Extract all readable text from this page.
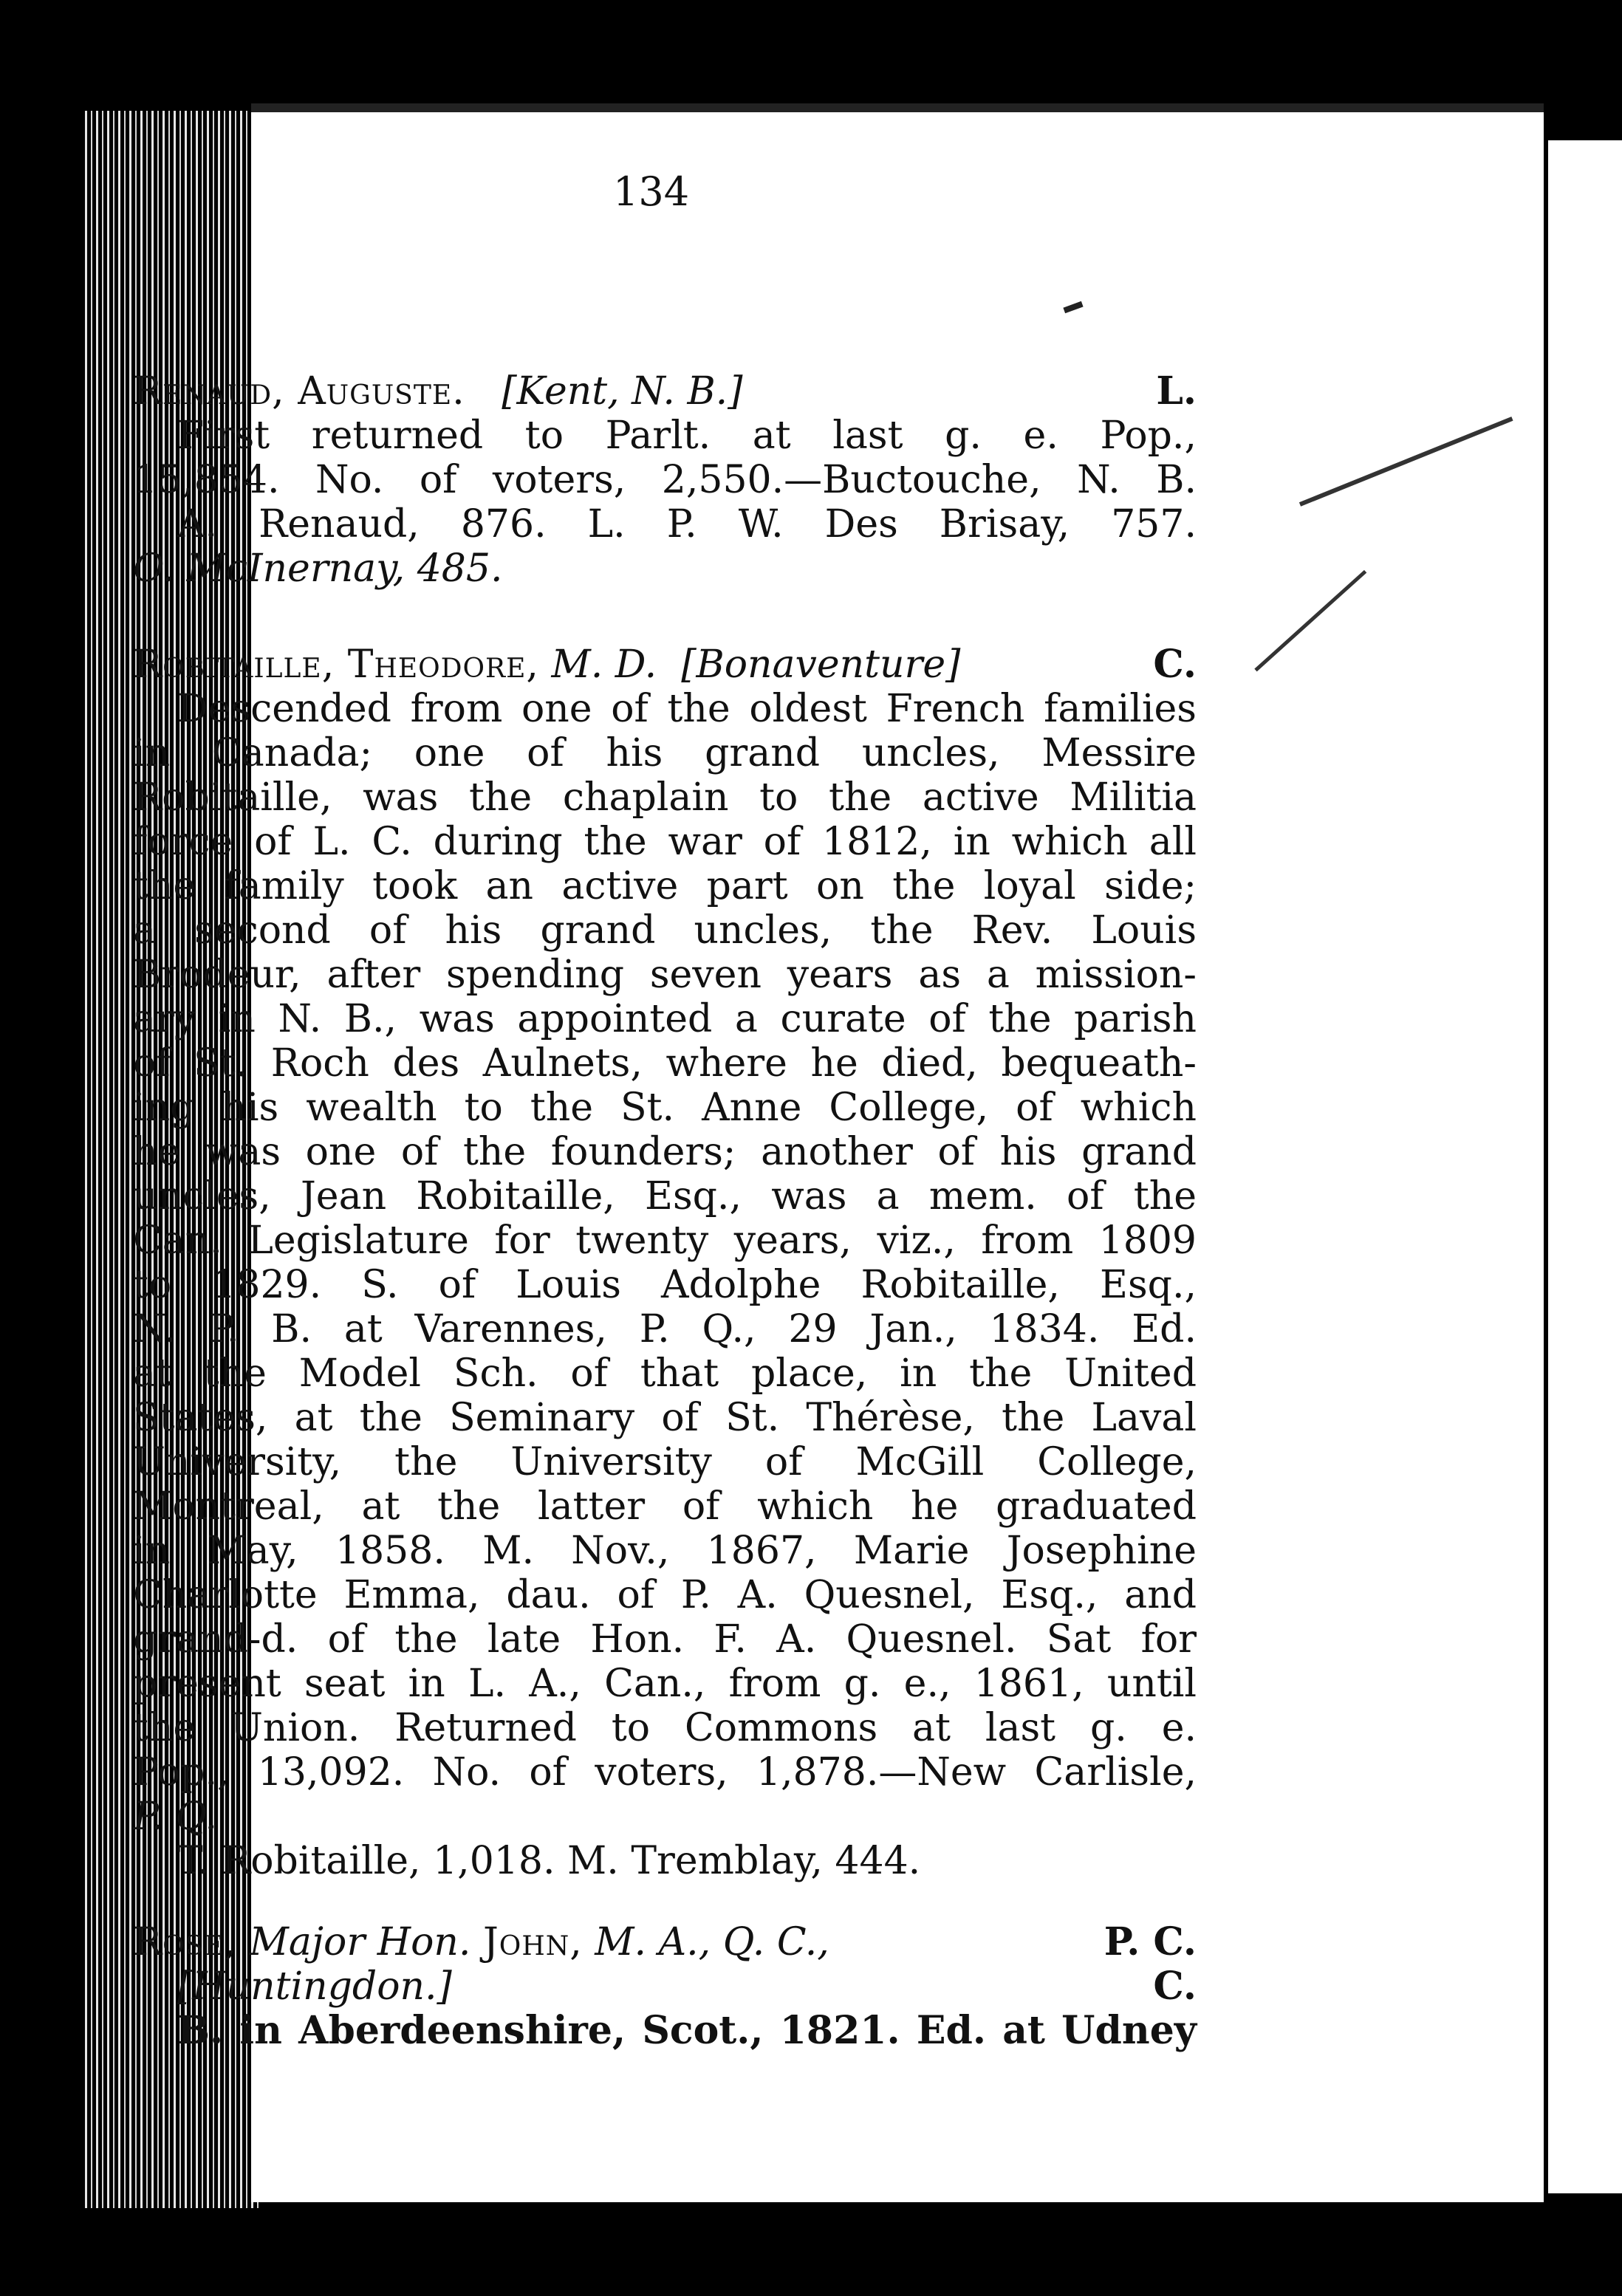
134
Renaud, Auguste. [Kent, N. B.]	L.
First returned to Parlt. at last g. e. Pop.,
15,854. No. of voters, 2,550.—Buctouche, N. B.
A. Renaud, 876. L. P. W. Des Brisay, 757.
O. McInernay, 485.
Robitaille, Theodore, M. D. [Bonaventure]	C.
Descended from one of the oldest French families
in Canada; one of his grand uncles, Messire
Robitaille, was the chaplain to the active Militia
force of L. C. during the war of 1812, in which all
the family took an active part on the loyal side;
a second of his grand uncles, the Rev. Louis
Brodeur, after spending seven years as a mission-
ary in N. B., was appointed a curate of the parish
of St. Roch des Aulnets, where he died, bequeath-
ing his wealth to the St. Anne College, of which
he was one of the founders; another of his grand
uncles, Jean Robitaille, Esq., was a mem. of the
Can. Legislature for twenty years, viz., from 1809
to 1829. S. of Louis Adolphe Robitaille, Esq.,
N. P. B. at Varennes, P. Q., 29 Jan., 1834. Ed.
at the Model Sch. of that place, in the United
States, at the Seminary of St. Thérèse, the Laval
University, the University of McGill College,
Montreal, at the latter of which he graduated
in May, 1858. M. Nov., 1867, Marie Josephine
Charlotte Emma, dau. of P. A. Quesnel, Esq., and
grand-d. of the late Hon. F. A. Quesnel. Sat for
present seat in L. A., Can., from g. e., 1861, until
the Union. Returned to Commons at last g. e.
Pop., 13,092. No. of voters, 1,878.—New Carlisle,
P. Q.
T. Robitaille, 1,018. M. Tremblay, 444.
Rose, Major Hon. John, M. A., Q. C.,	P. C.
[Huntingdon.]	C.
B. in Aberdeenshire, Scot., 1821. Ed. at Udney
